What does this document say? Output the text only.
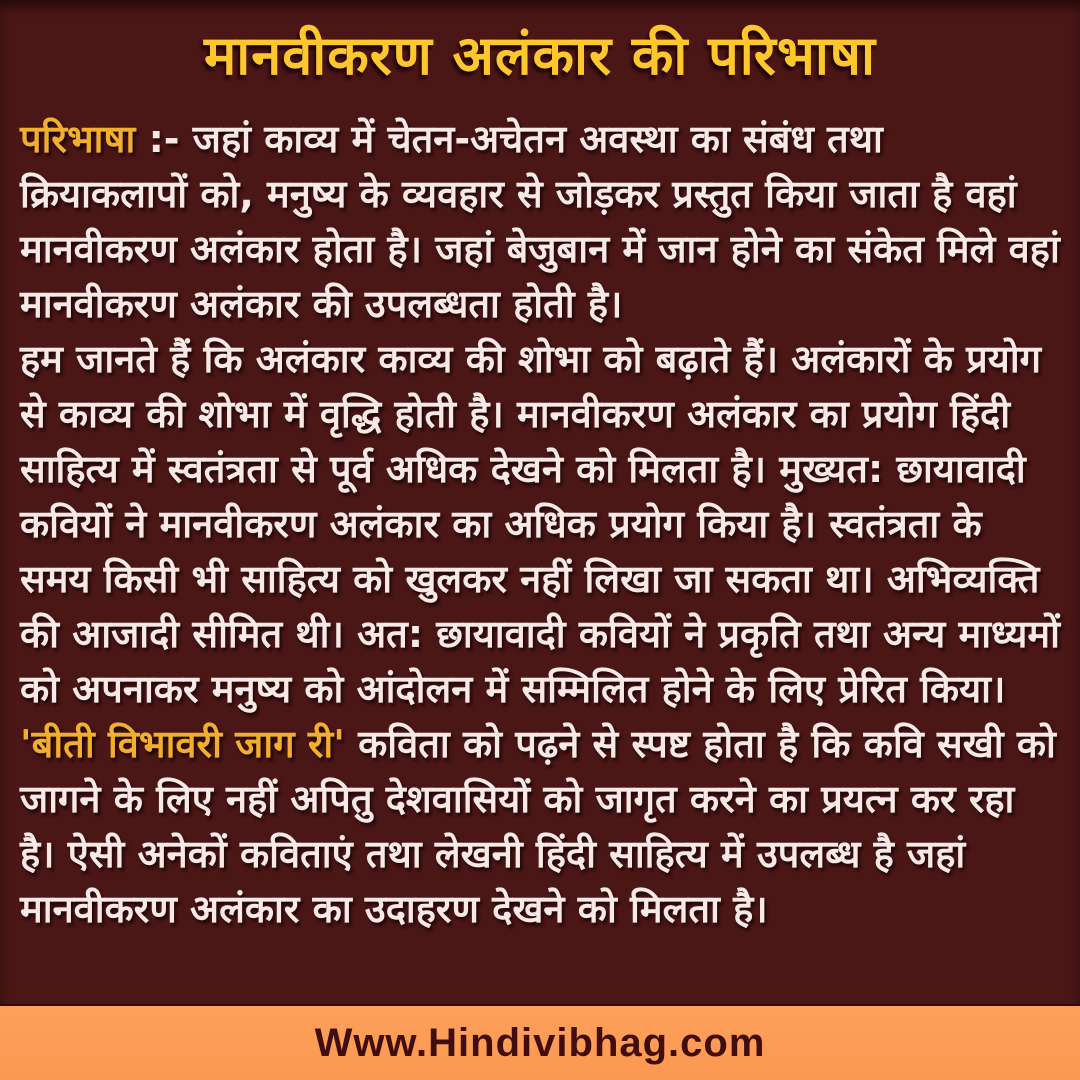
मानवीकरण अलंकार की परिभाषा

परिभाषा :- जहां काव्य में चेतन-अचेतन अवस्था का संबंध तथा क्रियाकलापों को, मनुष्य के व्यवहार से जोड़कर प्रस्तुत किया जाता है वहां मानवीकरण अलंकार होता है। जहां बेजुबान में जान होने का संकेत मिले वहां मानवीकरण अलंकार की उपलब्धता होती है।

हम जानते हैं कि अलंकार काव्य की शोभा को बढ़ाते हैं। अलंकारों के प्रयोग से काव्य की शोभा में वृद्धि होती है। मानवीकरण अलंकार का प्रयोग हिंदी साहित्य में स्वतंत्रता से पूर्व अधिक देखने को मिलता है। मुख्यत: छायावादी कवियों ने मानवीकरण अलंकार का अधिक प्रयोग किया है। स्वतंत्रता के समय किसी भी साहित्य को खुलकर नहीं लिखा जा सकता था। अभिव्यक्ति की आजादी सीमित थी। अत: छायावादी कवियों ने प्रकृति तथा अन्य माध्यमों को अपनाकर मनुष्य को आंदोलन में सम्मिलित होने के लिए प्रेरित किया।

'बीती विभावरी जाग री' कविता को पढ़ने से स्पष्ट होता है कि कवि सखी को जागने के लिए नहीं अपितु देशवासियों को जागृत करने का प्रयत्न कर रहा है। ऐसी अनेकों कविताएं तथा लेखनी हिंदी साहित्य में उपलब्ध है जहां मानवीकरण अलंकार का उदाहरण देखने को मिलता है।

Www.Hindivibhag.com
